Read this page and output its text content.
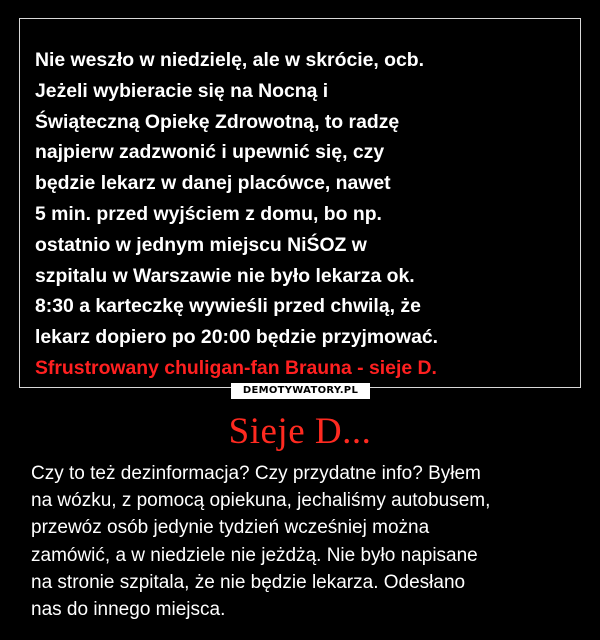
Nie weszło w niedzielę, ale w skrócie, ocb.
Jeżeli wybieracie się na Nocną i
Świąteczną Opiekę Zdrowotną, to radzę
najpierw zadzwonić i upewnić się, czy
będzie lekarz w danej placówce, nawet
5 min. przed wyjściem z domu, bo np.
ostatnio w jednym miejscu NiŚOZ w
szpitalu w Warszawie nie było lekarza ok.
8:30 a karteczkę wywieśli przed chwilą, że
lekarz dopiero po 20:00 będzie przyjmować.
Sfrustrowany chuligan-fan Brauna - sieje D.
DEMOTYWATORY.PL
Sieje D...
Czy to też dezinformacja? Czy przydatne info? Byłem
na wózku, z pomocą opiekuna, jechaliśmy autobusem,
przewóz osób jedynie tydzień wcześniej można
zamówić, a w niedziele nie jeżdżą. Nie było napisane
na stronie szpitala, że nie będzie lekarza. Odesłano
nas do innego miejsca.
